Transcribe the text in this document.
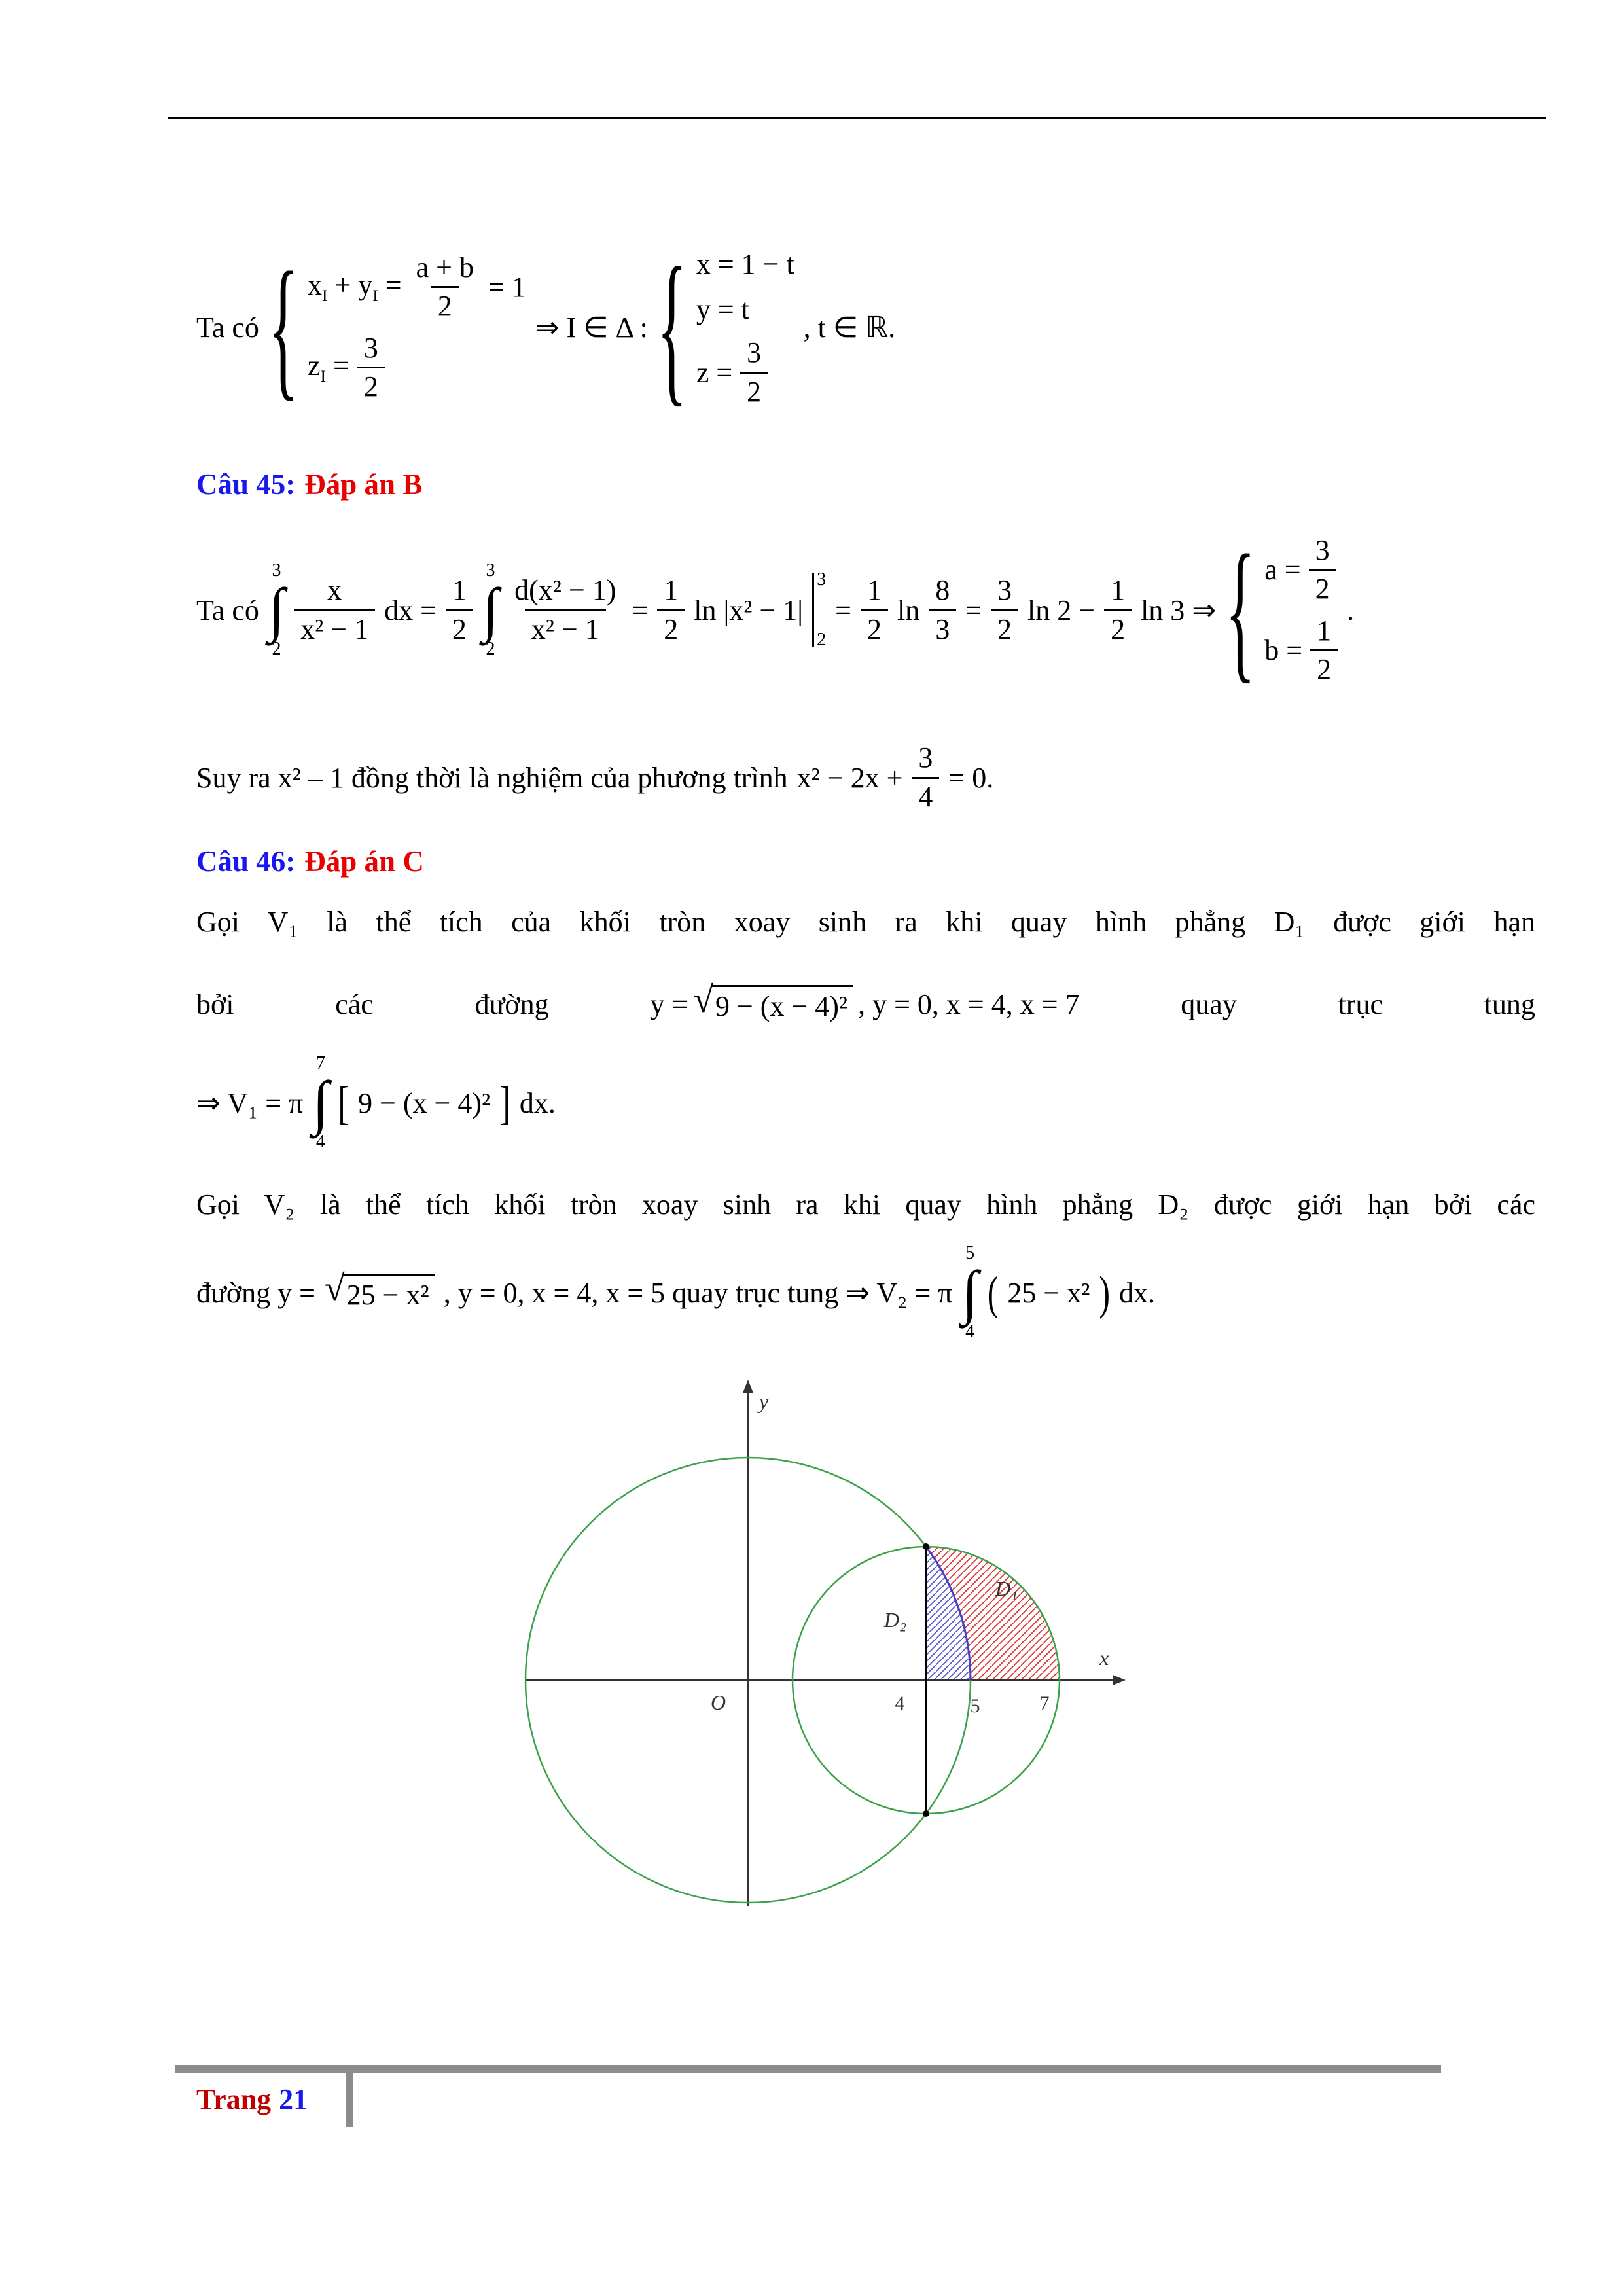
Ta có { $x_I + y_I = \frac{a + b}{2} = 1$
$z_I = \frac{3}{2}$
⇒ I ∈ Δ : { x = 1 − t
y = t
$z = \frac{3}{2}$
, t ∈ ℝ.
Câu 45: Đáp án B
Ta có
3
∫
2
$\frac{x}{\text{x² − 1}}$ dx = $\frac{1}{2}$
3
∫
2
$\frac{\text{d(x² − 1)}}{\text{x² − 1}} = \frac{1}{2}$ ln |x² − 1|
3
2
= $\frac{1}{2}$ $\ln \frac{8}{3} = \frac{3}{2}$ $\ln 2 - \frac{1}{2}$ ln 3 ⇒ { $a = \frac{3}{2}$
$b = \frac{1}{2}$
.
Suy ra x² – 1 đồng thời là nghiệm của phương trình $x^2 - 2x + \frac{3}{4} = 0$.
Câu 46: Đáp án C
Gọi V₁ là thể tích của khối tròn xoay sinh ra khi quay hình phẳng D₁ được giới hạn
bởi	các	đường	y = √ 9 − (x − 4)² , y = 0, x = 4, x = 7	quay	trục	tung
⇒ V₁ = π
7
∫
4
[ 9 − (x − 4)² ] dx.
Gọi V₂ là thể tích khối tròn xoay sinh ra khi quay hình phẳng D₂ được giới hạn bởi các
đường y = √ 25 − x² , y = 0, x = 4, x = 5 quay trục tung ⇒ V₂ = π
5
∫
4
( 25 − x² ) dx.
y
x
O	4	5	7
D₁
D₂
Trang 21
